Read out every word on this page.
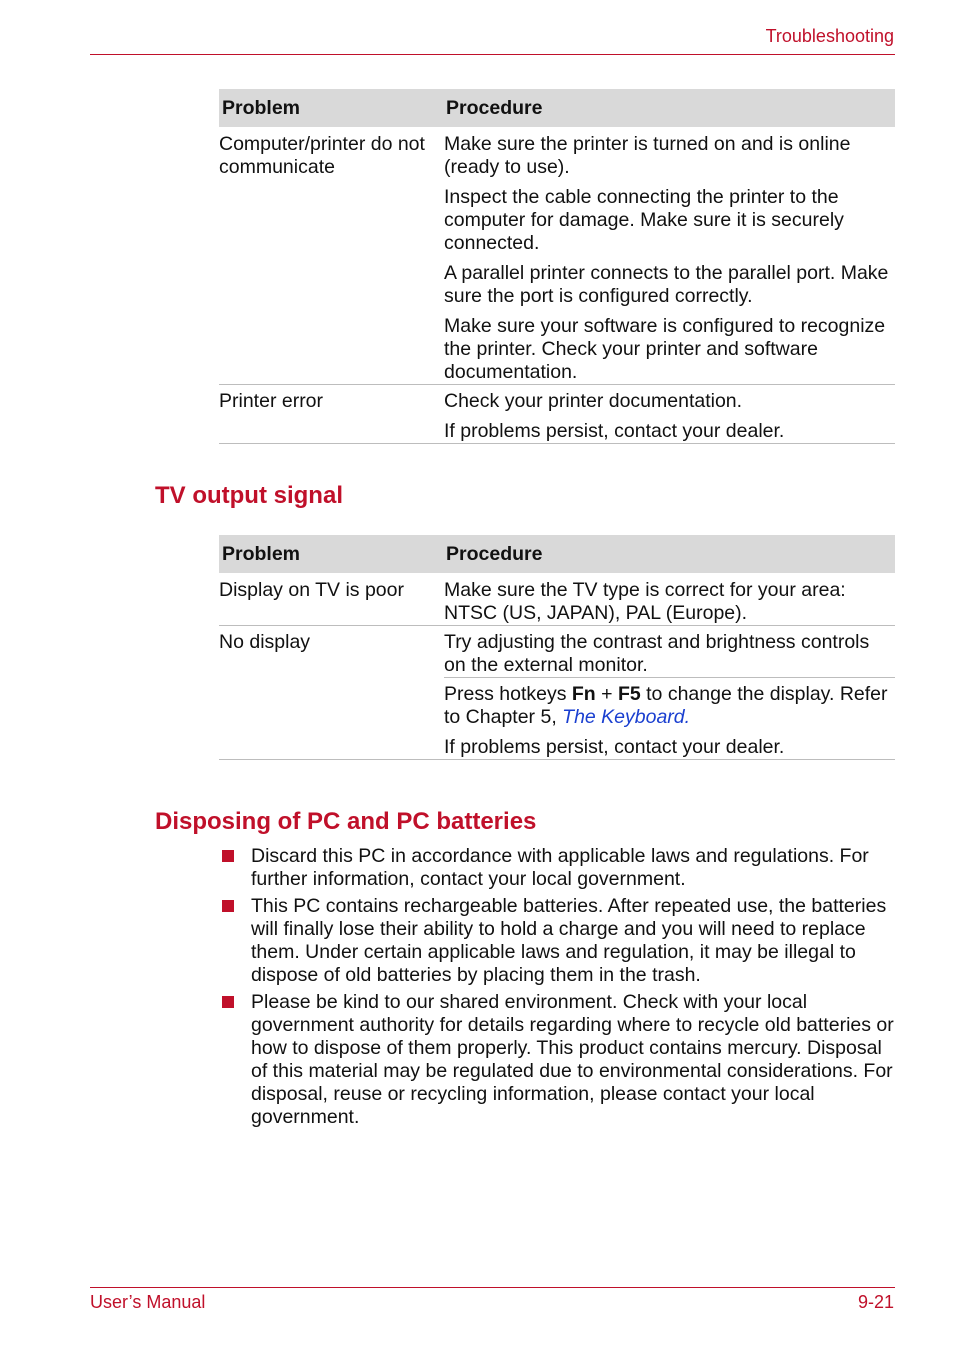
Troubleshooting
Problem	Procedure

Computer/printer do not communicate	Make sure the printer is turned on and is online (ready to use).

Inspect the cable connecting the printer to the computer for damage. Make sure it is securely connected.

A parallel printer connects to the parallel port. Make sure the port is configured correctly.

Make sure your software is configured to recognize the printer. Check your printer and software documentation.

Printer error	Check your printer documentation.

If problems persist, contact your dealer.

TV output signal
Problem	Procedure

Display on TV is poor	Make sure the TV type is correct for your area: NTSC (US, JAPAN), PAL (Europe).

No display	Try adjusting the contrast and brightness controls on the external monitor.

	Press hotkeys Fn + F5 to change the display. Refer to Chapter 5, The Keyboard.

If problems persist, contact your dealer.

Disposing of PC and PC batteries
Discard this PC in accordance with applicable laws and regulations. For further information, contact your local government.
This PC contains rechargeable batteries. After repeated use, the batteries will finally lose their ability to hold a charge and you will need to replace them. Under certain applicable laws and regulation, it may be illegal to dispose of old batteries by placing them in the trash.
Please be kind to our shared environment. Check with your local government authority for details regarding where to recycle old batteries or how to dispose of them properly. This product contains mercury. Disposal of this material may be regulated due to environmental considerations. For disposal, reuse or recycling information, please contact your local government.
User’s Manual	9-21
